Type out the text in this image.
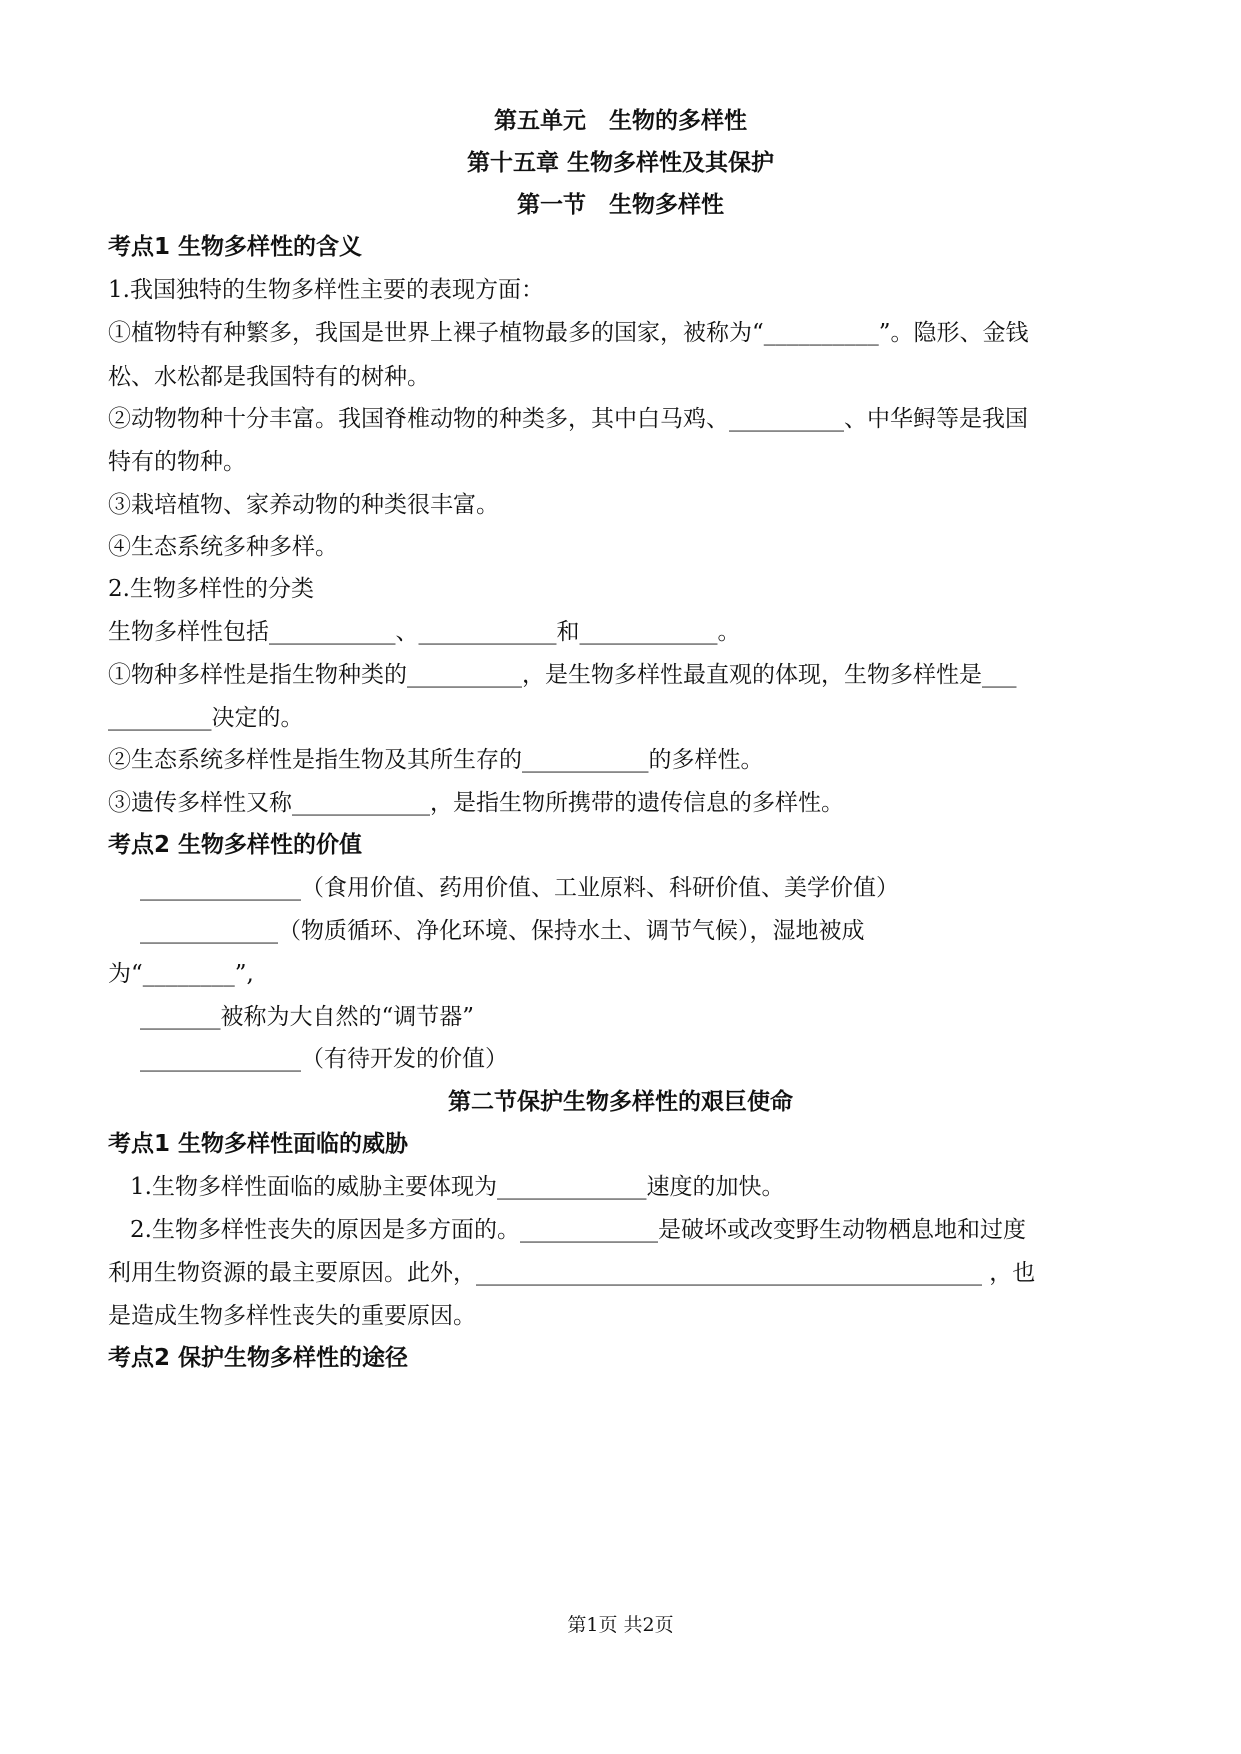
第五单元　生物的多样性
第十五章 生物多样性及其保护
第一节　生物多样性
考点1 生物多样性的含义
1.我国独特的生物多样性主要的表现方面：
①植物特有种繁多，我国是世界上裸子植物最多的国家，被称为“__________”。隐形、金钱
松、水松都是我国特有的树种。
②动物物种十分丰富。我国脊椎动物的种类多，其中白马鸡、__________、中华鲟等是我国
特有的物种。
③栽培植物、家养动物的种类很丰富。
④生态系统多种多样。
2.生物多样性的分类
生物多样性包括___________、____________和____________。
①物种多样性是指生物种类的__________，是生物多样性最直观的体现，生物多样性是___
_________决定的。
②生态系统多样性是指生物及其所生存的___________的多样性。
③遗传多样性又称____________，是指生物所携带的遗传信息的多样性。
考点2 生物多样性的价值
______________（食用价值、药用价值、工业原料、科研价值、美学价值）
____________（物质循环、净化环境、保持水土、调节气候），湿地被成
为“________”,
_______被称为大自然的“调节器”
______________（有待开发的价值）
第二节保护生物多样性的艰巨使命
考点1 生物多样性面临的威胁
1.生物多样性面临的威胁主要体现为_____________速度的加快。
2.生物多样性丧失的原因是多方面的。____________是破坏或改变野生动物栖息地和过度
利用生物资源的最主要原因。此外，____________________________________________ ，也
是造成生物多样性丧失的重要原因。
考点2 保护生物多样性的途径
第1页 共2页
